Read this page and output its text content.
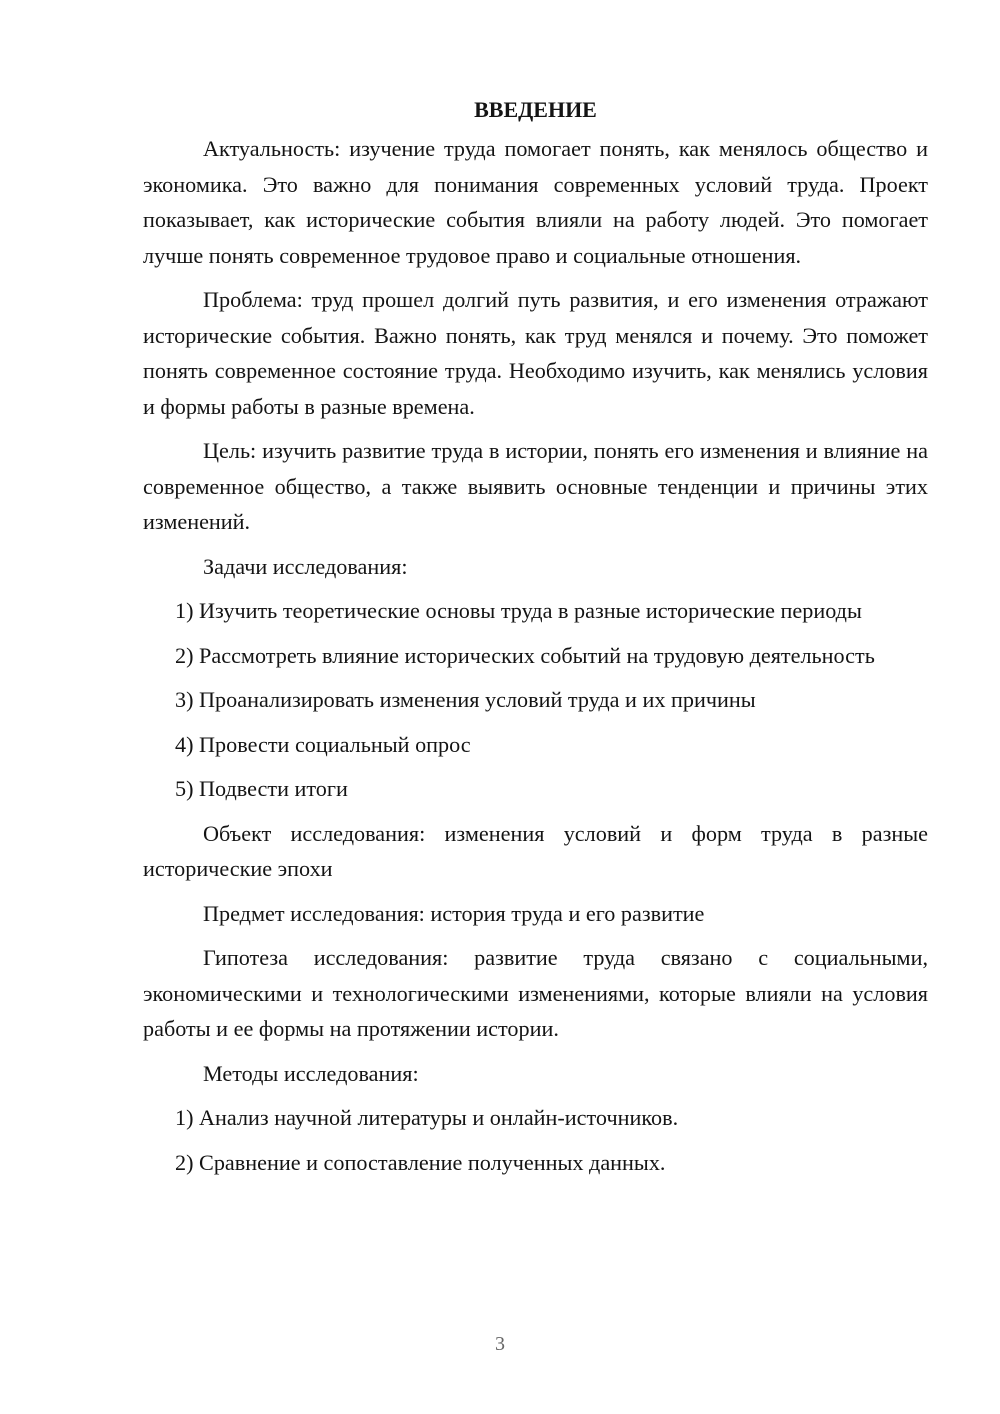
ВВЕДЕНИЕ

Актуальность: изучение труда помогает понять, как менялось общество и экономика. Это важно для понимания современных условий труда. Проект показывает, как исторические события влияли на работу людей. Это помогает лучше понять современное трудовое право и социальные отношения.

Проблема: труд прошел долгий путь развития, и его изменения отражают исторические события. Важно понять, как труд менялся и почему. Это поможет понять современное состояние труда. Необходимо изучить, как менялись условия и формы работы в разные времена.

Цель: изучить развитие труда в истории, понять его изменения и влияние на современное общество, а также выявить основные тенденции и причины этих изменений.

Задачи исследования:

1) Изучить теоретические основы труда в разные исторические периоды

2) Рассмотреть влияние исторических событий на трудовую деятельность

3) Проанализировать изменения условий труда и их причины

4) Провести социальный опрос

5) Подвести итоги

Объект исследования: изменения условий и форм труда в разные исторические эпохи

Предмет исследования: история труда и его развитие

Гипотеза исследования: развитие труда связано с социальными, экономическими и технологическими изменениями, которые влияли на условия работы и ее формы на протяжении истории.

Методы исследования:

1) Анализ научной литературы и онлайн-источников.

2) Сравнение и сопоставление полученных данных.

3
